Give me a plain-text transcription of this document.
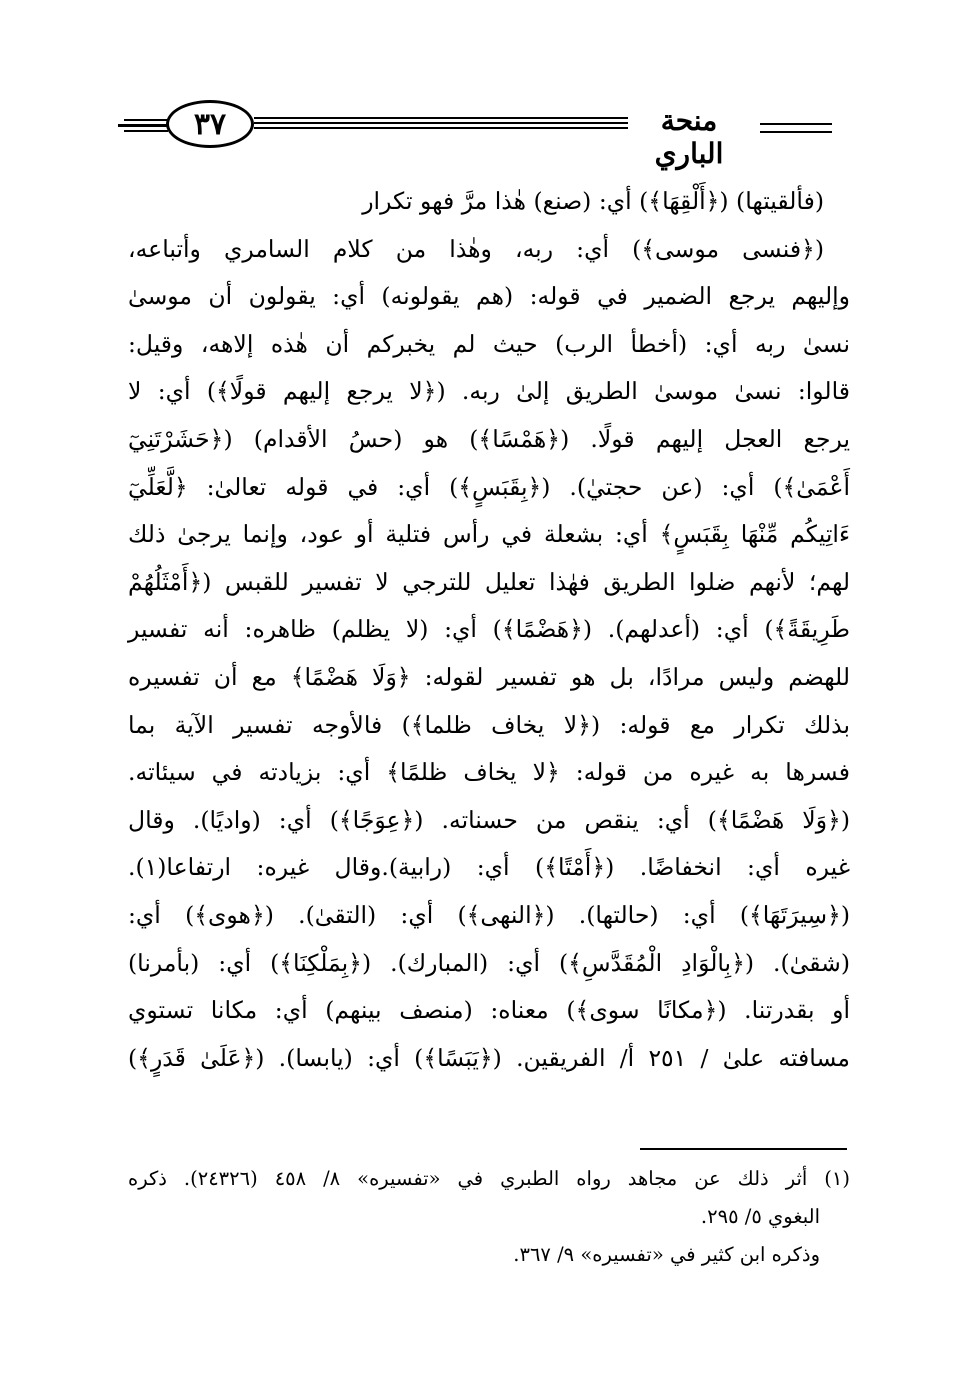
منحة الباري
٣٧
(فألقيتها) (﴿أَلْقِهَا﴾) أي: (صنع) هٰذا مرَّ فهو تكرار
(﴿فنسى موسى﴾) أي: ربه، وهٰذا من كلام السامري وأتباعه،
وإليهم يرجع الضمير في قوله: (هم يقولونه) أي: يقولون أن موسىٰ
نسىٰ ربه أي: (أخطأ الرب) حيث لم يخبركم أن هٰذه إلاهه، وقيل:
قالوا: نسىٰ موسىٰ الطريق إلىٰ ربه. (﴿لا يرجع إليهم قولًا﴾) أي: لا
يرجع العجل إليهم قولًا. (﴿هَمْسًا﴾) هو (حسُ الأقدام) (﴿حَشَرْتَنِيٓ
أَعْمَىٰ﴾) أي: (عن حجتيٰ). (﴿بِقَبَسٍ﴾) أي: في قوله تعالىٰ: ﴿لَّعَلِّيٓ
ءَاتِيكُم مِّنْهَا بِقَبَسٍ﴾ أي: بشعلة في رأس فتلية أو عود، وإنما يرجىٰ ذلك
لهم؛ لأنهم ضلوا الطريق فهٰذا تعليل للترجي لا تفسير للقبس (﴿أَمْثَلُهُمْ
طَرِيقَةً﴾) أي: (أعدلهم). (﴿هَضْمًا﴾) أي: (لا يظلم) ظاهره: أنه تفسير
للهضم وليس مرادًا، بل هو تفسير لقوله: ﴿وَلَا هَضْمًا﴾ مع أن تفسيره
بذلك تكرار مع قوله: (﴿لا يخاف ظلما﴾) فالأوجه تفسير الآية بما
فسرها به غيره من قوله: ﴿لا يخاف ظلمًا﴾ أي: بزيادته في سيئاته.
(﴿وَلَا هَضْمًا﴾) أي: ينقص من حسناته. (﴿عِوَجًا﴾) أي: (واديًا). وقال
غيره أي: انخفاضًا. (﴿أَمْتًا﴾) أي: (رابية).وقال غيره: ارتفاعا(١).
(﴿سِيرَتَهَا﴾) أي: (حالتها). (﴿النهى﴾) أي: (التقىٰ). (﴿هوى﴾) أي:
(شقىٰ). (﴿بِالْوَادِ الْمُقَدَّسِ﴾) أي: (المبارك). (﴿بِمَلْكِنَا﴾) أي: (بأمرنا)
أو بقدرتنا. (﴿مكانًا سوى﴾) معناه: (منصف بينهم) أي: مكانا تستوي
مسافته علىٰ / ٢٥١ أ/ الفريقين. (﴿يَبَسًا﴾) أي: (يابسا). (﴿عَلَىٰ قَدَرٍ﴾)
(١) أثر ذلك عن مجاهد رواه الطبري في «تفسيره» ٨/ ٤٥٨ (٢٤٣٢٦). ذكره
البغوي ٥/ ٢٩٥.
وذكره ابن كثير في «تفسيره» ٩/ ٣٦٧.
